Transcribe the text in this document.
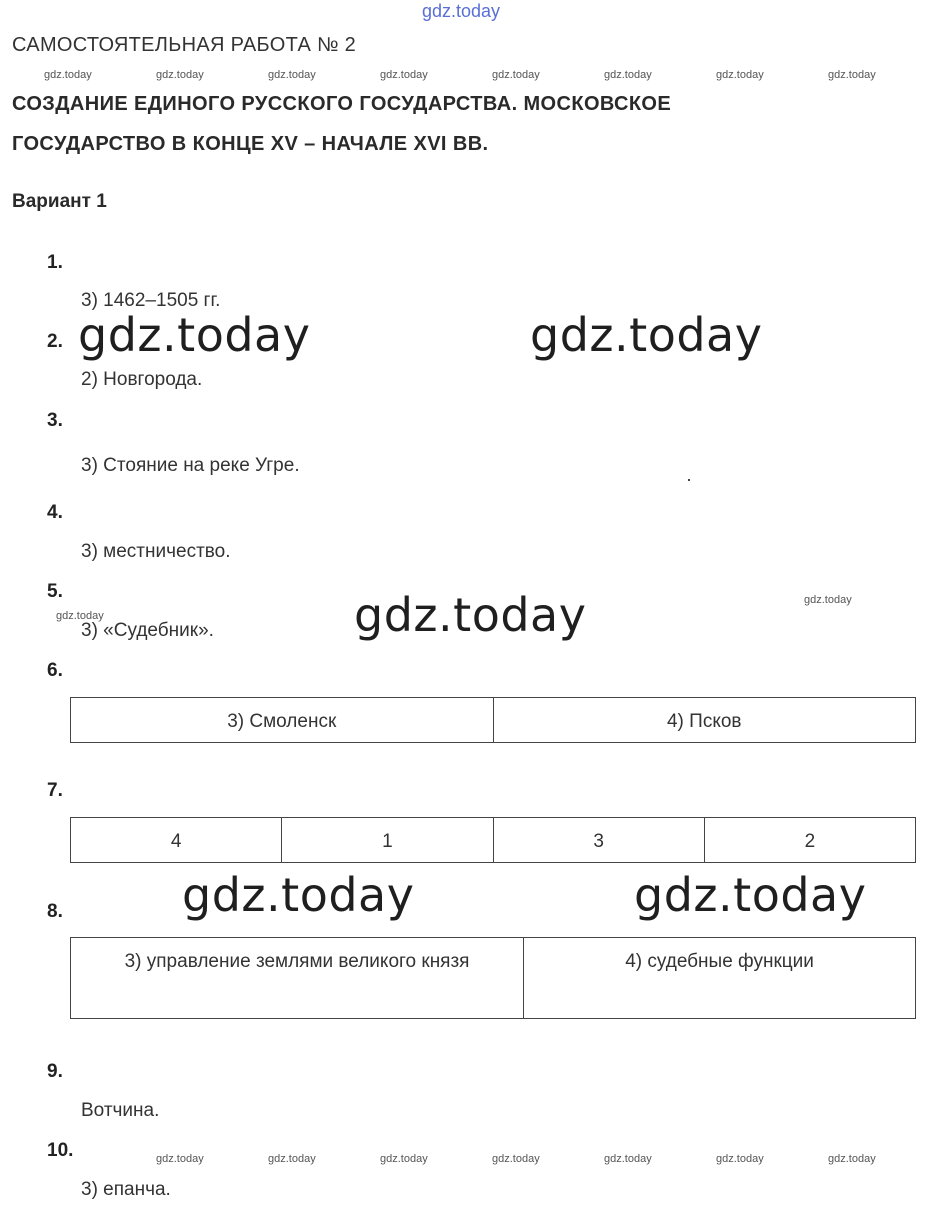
gdz.today
САМОСТОЯТЕЛЬНАЯ РАБОТА № 2
gdz.today	gdz.today	gdz.today	gdz.today	gdz.today	gdz.today	gdz.today	gdz.today
СОЗДАНИЕ ЕДИНОГО РУССКОГО ГОСУДАРСТВА. МОСКОВСКОЕ
ГОСУДАРСТВО В КОНЦЕ XV – НАЧАЛЕ XVI ВВ.
Вариант 1
1.
3) 1462–1505 гг.
2. gdz.today	gdz.today
2) Новгорода.
3.
3) Стояние на реке Угре.
4.
3) местничество.
5.
gdz.today
gdz.today
gdz.today
3) «Судебник».
6.
3) Смоленск	4) Псков
7.
4	1	3	2
gdz.today	gdz.today
8.
3) управление землями великого князя	4) судебные функции
9.
Вотчина.
10.	gdz.today	gdz.today	gdz.today	gdz.today	gdz.today	gdz.today	gdz.today
3) епанча.
